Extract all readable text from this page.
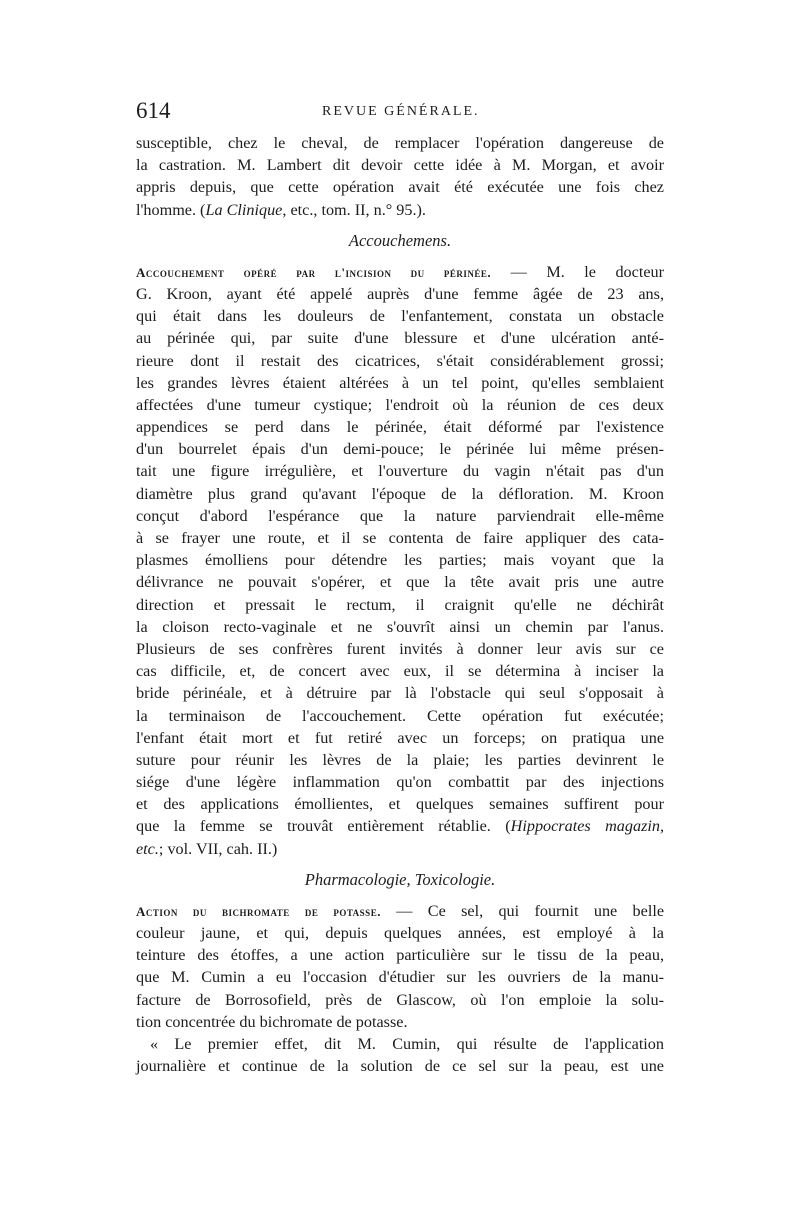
614	REVUE GÉNÉRALE.
susceptible, chez le cheval, de remplacer l'opération dangereuse de
la castration. M. Lambert dit devoir cette idée à M. Morgan, et avoir
appris depuis, que cette opération avait été exécutée une fois chez
l'homme. (La Clinique, etc., tom. II, n.° 95.).
Accouchemens.
Accouchement opéré par l'incision du périnée. — M. le docteur
G. Kroon, ayant été appelé auprès d'une femme âgée de 23 ans,
qui était dans les douleurs de l'enfantement, constata un obstacle
au périnée qui, par suite d'une blessure et d'une ulcération anté-
rieure dont il restait des cicatrices, s'était considérablement grossi;
les grandes lèvres étaient altérées à un tel point, qu'elles semblaient
affectées d'une tumeur cystique; l'endroit où la réunion de ces deux
appendices se perd dans le périnée, était déformé par l'existence
d'un bourrelet épais d'un demi-pouce; le périnée lui même présen-
tait une figure irrégulière, et l'ouverture du vagin n'était pas d'un
diamètre plus grand qu'avant l'époque de la défloration. M. Kroon
conçut d'abord l'espérance que la nature parviendrait elle-même
à se frayer une route, et il se contenta de faire appliquer des cata-
plasmes émolliens pour détendre les parties; mais voyant que la
délivrance ne pouvait s'opérer, et que la tête avait pris une autre
direction et pressait le rectum, il craignit qu'elle ne déchirât
la cloison recto-vaginale et ne s'ouvrît ainsi un chemin par l'anus.
Plusieurs de ses confrères furent invités à donner leur avis sur ce
cas difficile, et, de concert avec eux, il se détermina à inciser la
bride périnéale, et à détruire par là l'obstacle qui seul s'opposait à
la terminaison de l'accouchement. Cette opération fut exécutée;
l'enfant était mort et fut retiré avec un forceps; on pratiqua une
suture pour réunir les lèvres de la plaie; les parties devinrent le
siége d'une légère inflammation qu'on combattit par des injections
et des applications émollientes, et quelques semaines suffirent pour
que la femme se trouvât entièrement rétablie. (Hippocrates magazin,
etc.; vol. VII, cah. II.)
Pharmacologie, Toxicologie.
Action du bichromate de potasse. — Ce sel, qui fournit une belle
couleur jaune, et qui, depuis quelques années, est employé à la
teinture des étoffes, a une action particulière sur le tissu de la peau,
que M. Cumin a eu l'occasion d'étudier sur les ouvriers de la manu-
facture de Borrosofield, près de Glascow, où l'on emploie la solu-
tion concentrée du bichromate de potasse.
« Le premier effet, dit M. Cumin, qui résulte de l'application
journalière et continue de la solution de ce sel sur la peau, est une
